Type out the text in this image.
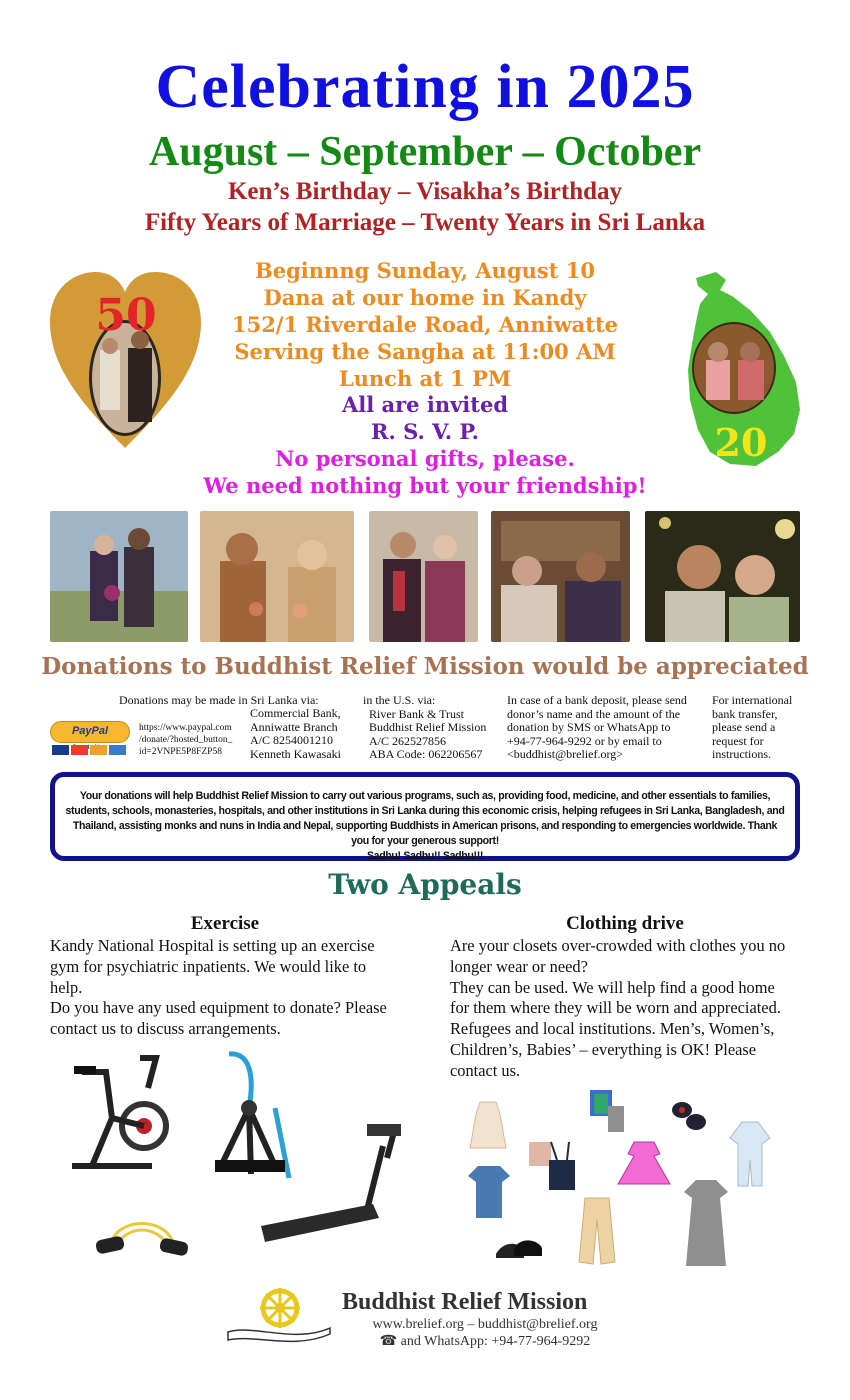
Celebrating in 2025
August – September – October
Ken’s Birthday – Visakha’s Birthday
Fifty Years of Marriage – Twenty Years in Sri Lanka
50
20
Beginnng Sunday, August 10
Dana at our home in Kandy
152/1 Riverdale Road, Anniwatte
Serving the Sangha at 11:00 AM
Lunch at 1 PM
All are invited
R. S. V. P.
No personal gifts, please.
We need nothing but your friendship!
Donations to Buddhist Relief Mission would be appreciated
Donations may be made in Sri Lanka via:
PayPal	https://www.paypal.com
/donate/?hosted_button_
id=2VNPE5P8FZP58
Commercial Bank,
Anniwatte Branch
A/C 8254001210
Kenneth Kawasaki
in the U.S. via:
River Bank & Trust
Buddhist Relief Mission
A/C 262527856
ABA Code: 062206567
In case of a bank deposit, please send
donor’s name and the amount of the
donation by SMS or WhatsApp to
+94-77-964-9292 or by email to
<buddhist@brelief.org>
For international
bank transfer,
please send a
request for
instructions.

Your donations will help Buddhist Relief Mission to carry out various programs, such as, providing food, medicine, and other essentials to families, students, schools, monasteries, hospitals, and other institutions in Sri Lanka during this economic crisis, helping refugees in Sri Lanka, Bangladesh, and Thailand, assisting monks and nuns in India and Nepal, supporting Buddhists in American prisons, and responding to emergencies worldwide. Thank you for your generous support!

Sadhu! Sadhu!! Sadhu!!!

Two Appeals
Exercise
Kandy National Hospital is setting up an exercise gym for psychiatric inpatients. We would like to help.
Do you have any used equipment to donate? Please contact us to discuss arrangements.
Clothing drive
Are your closets over-crowded with clothes you no longer wear or need?
They can be used. We will help find a good home for them where they will be worn and appreciated. Refugees and local institutions. Men’s, Women’s, Children’s, Babies’ – everything is OK! Please contact us.
Buddhist Relief Mission
www.brelief.org – buddhist@brelief.org
☎ and WhatsApp: +94-77-964-9292
